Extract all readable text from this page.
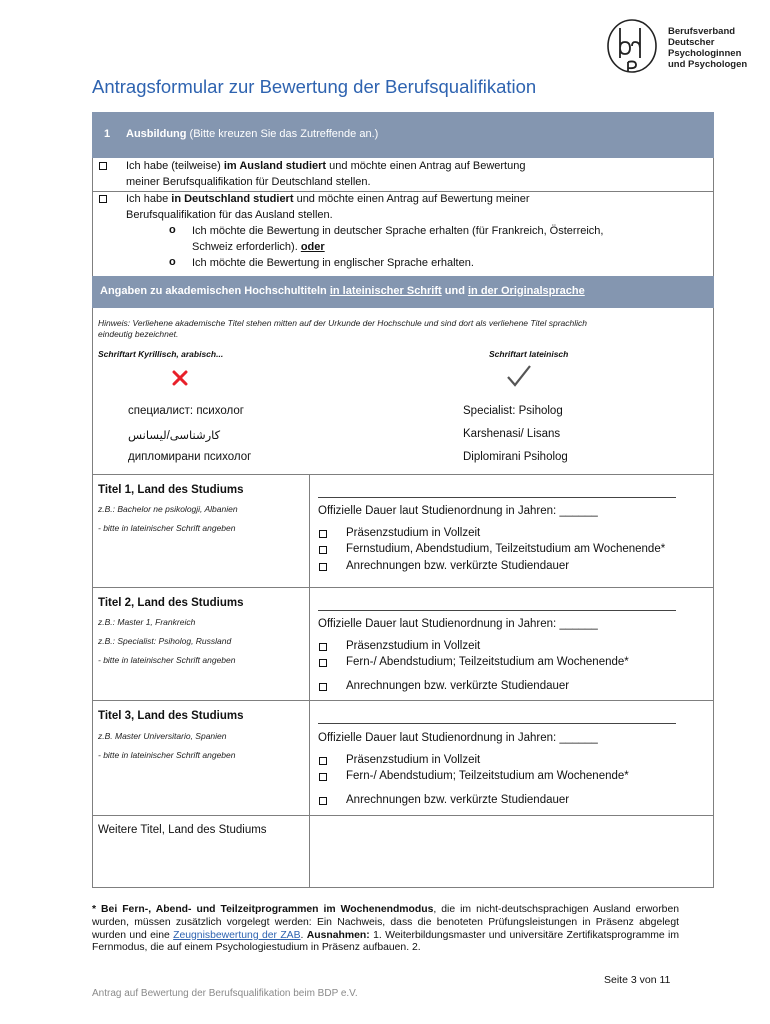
Berufsverband
Deutscher
Psychologinnen
und Psychologen
Antragsformular zur Bewertung der Berufsqualifikation
1 Ausbildung (Bitte kreuzen Sie das Zutreffende an.)
Ich habe (teilweise) im Ausland studiert und möchte einen Antrag auf Bewertung
meiner Berufsqualifikation für Deutschland stellen.
Ich habe in Deutschland studiert und möchte einen Antrag auf Bewertung meiner
Berufsqualifikation für das Ausland stellen.
o Ich möchte die Bewertung in deutscher Sprache erhalten (für Frankreich, Österreich,
Schweiz erforderlich). oder
o Ich möchte die Bewertung in englischer Sprache erhalten.
Angaben zu akademischen Hochschultiteln in lateinischer Schrift und in der Originalsprache
Hinweis: Verliehene akademische Titel stehen mitten auf der Urkunde der Hochschule und sind dort als verliehene Titel sprachlich
eindeutig bezeichnet.
Schriftart Kyrillisch, arabisch...	Schriftart lateinisch
специалист: психолог
کارشناسی/لیسانس
дипломирани психолог
Specialist: Psiholog
Karshenasi/ Lisans
Diplomirani Psiholog
Titel 1, Land des Studiums
z.B.: Bachelor ne psikologji, Albanien
- bitte in lateinischer Schrift angeben
Offizielle Dauer laut Studienordnung in Jahren: ______
Präsenzstudium in Vollzeit
Fernstudium, Abendstudium, Teilzeitstudium am Wochenende*
Anrechnungen bzw. verkürzte Studiendauer
Titel 2, Land des Studiums
z.B.: Master 1, Frankreich
z.B.: Specialist: Psiholog, Russland
- bitte in lateinischer Schrift angeben
Offizielle Dauer laut Studienordnung in Jahren: ______
Präsenzstudium in Vollzeit
Fern-/ Abendstudium; Teilzeitstudium am Wochenende*
Anrechnungen bzw. verkürzte Studiendauer
Titel 3, Land des Studiums
z.B. Master Universitario, Spanien
- bitte in lateinischer Schrift angeben
Offizielle Dauer laut Studienordnung in Jahren: ______
Präsenzstudium in Vollzeit
Fern-/ Abendstudium; Teilzeitstudium am Wochenende*
Anrechnungen bzw. verkürzte Studiendauer
Weitere Titel, Land des Studiums
* Bei Fern-, Abend- und Teilzeitprogrammen im Wochenendmodus, die im nicht-deutschsprachigen Ausland erworben wurden, müssen zusätzlich vorgelegt werden: Ein Nachweis, dass die benoteten Prüfungsleistungen in Präsenz abgelegt wurden und eine Zeugnisbewertung der ZAB. Ausnahmen: 1. Weiterbildungsmaster und universitäre Zertifikatsprogramme im Fernmodus, die auf einem Psychologiestudium in Präsenz aufbauen. 2.
Seite 3 von 11
Antrag auf Bewertung der Berufsqualifikation beim BDP e.V.
